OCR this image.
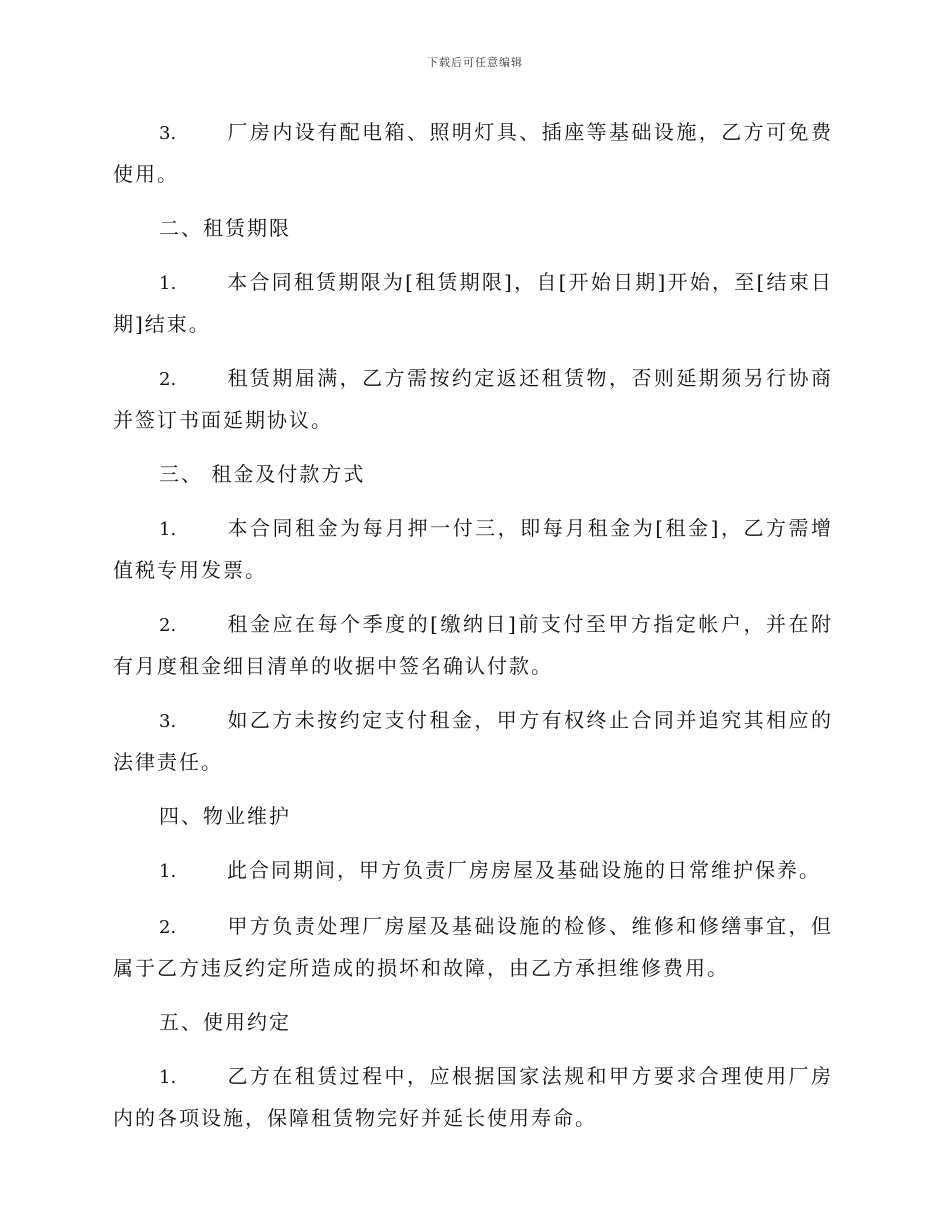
下载后可任意编辑

3.	厂房内设有配电箱、照明灯具、插座等基础设施，乙方可免费使用。

二、租赁期限

1.	本合同租赁期限为[租赁期限]，自[开始日期]开始，至[结束日期]结束。

2.	租赁期届满，乙方需按约定返还租赁物，否则延期须另行协商并签订书面延期协议。

三、 租金及付款方式

1.	本合同租金为每月押一付三，即每月租金为[租金]，乙方需增值税专用发票。

2.	租金应在每个季度的[缴纳日]前支付至甲方指定帐户，并在附有月度租金细目清单的收据中签名确认付款。

3.	如乙方未按约定支付租金，甲方有权终止合同并追究其相应的法律责任。

四、物业维护

1.	此合同期间，甲方负责厂房房屋及基础设施的日常维护保养。

2.	甲方负责处理厂房屋及基础设施的检修、维修和修缮事宜，但属于乙方违反约定所造成的损坏和故障，由乙方承担维修费用。

五、使用约定

1.	乙方在租赁过程中，应根据国家法规和甲方要求合理使用厂房内的各项设施，保障租赁物完好并延长使用寿命。
